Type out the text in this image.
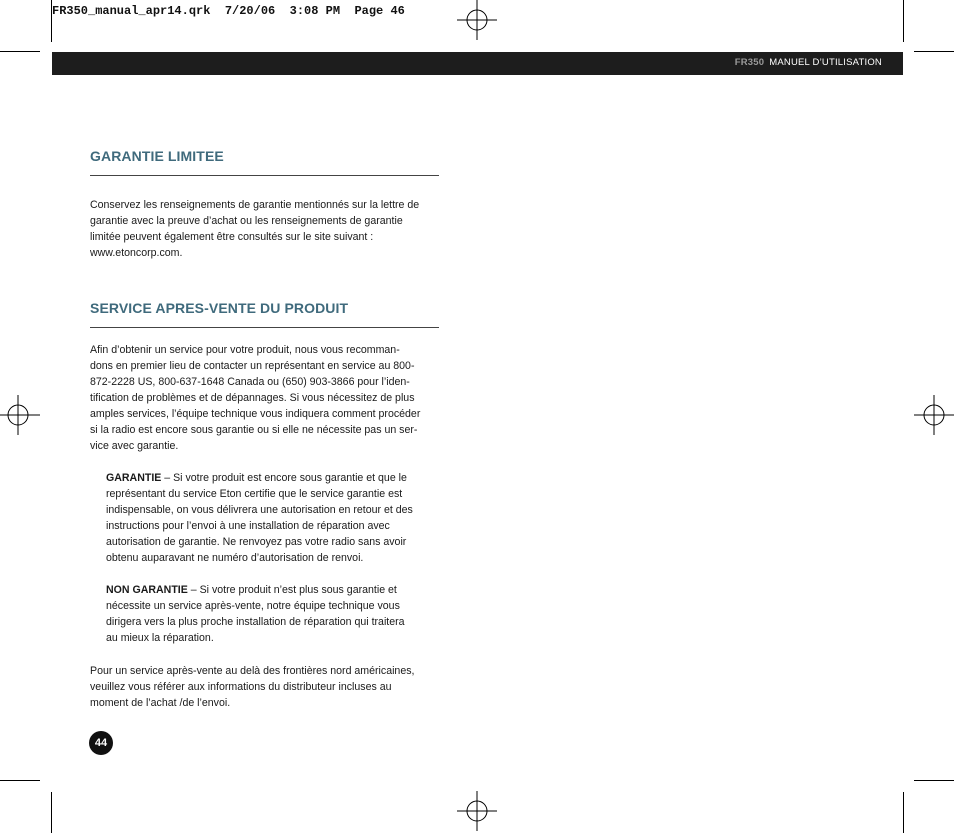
FR350_manual_apr14.qrk  7/20/06  3:08 PM  Page 46
FR350 MANUEL D’UTILISATION
GARANTIE LIMITEE

Conservez les renseignements de garantie mentionnés sur la lettre de
garantie avec la preuve d’achat ou les renseignements de garantie
limitée peuvent également être consultés sur le site suivant :
www.etoncorp.com.

SERVICE APRES-VENTE DU PRODUIT

Afin d’obtenir un service pour votre produit, nous vous recomman-
dons en premier lieu de contacter un représentant en service au 800-
872-2228 US, 800-637-1648 Canada ou (650) 903-3866 pour l’iden-
tification de problèmes et de dépannages. Si vous nécessitez de plus
amples services, l’équipe technique vous indiquera comment procéder
si la radio est encore sous garantie ou si elle ne nécessite pas un ser-
vice avec garantie.

GARANTIE – Si votre produit est encore sous garantie et que le
représentant du service Eton certifie que le service garantie est
indispensable, on vous délivrera une autorisation en retour et des
instructions pour l’envoi à une installation de réparation avec
autorisation de garantie. Ne renvoyez pas votre radio sans avoir
obtenu auparavant ne numéro d’autorisation de renvoi.

NON GARANTIE – Si votre produit n’est plus sous garantie et
nécessite un service après-vente, notre équipe technique vous
dirigera vers la plus proche installation de réparation qui traitera
au mieux la réparation.

Pour un service après-vente au delà des frontières nord américaines,
veuillez vous référer aux informations du distributeur incluses au
moment de l’achat /de l’envoi.

44
